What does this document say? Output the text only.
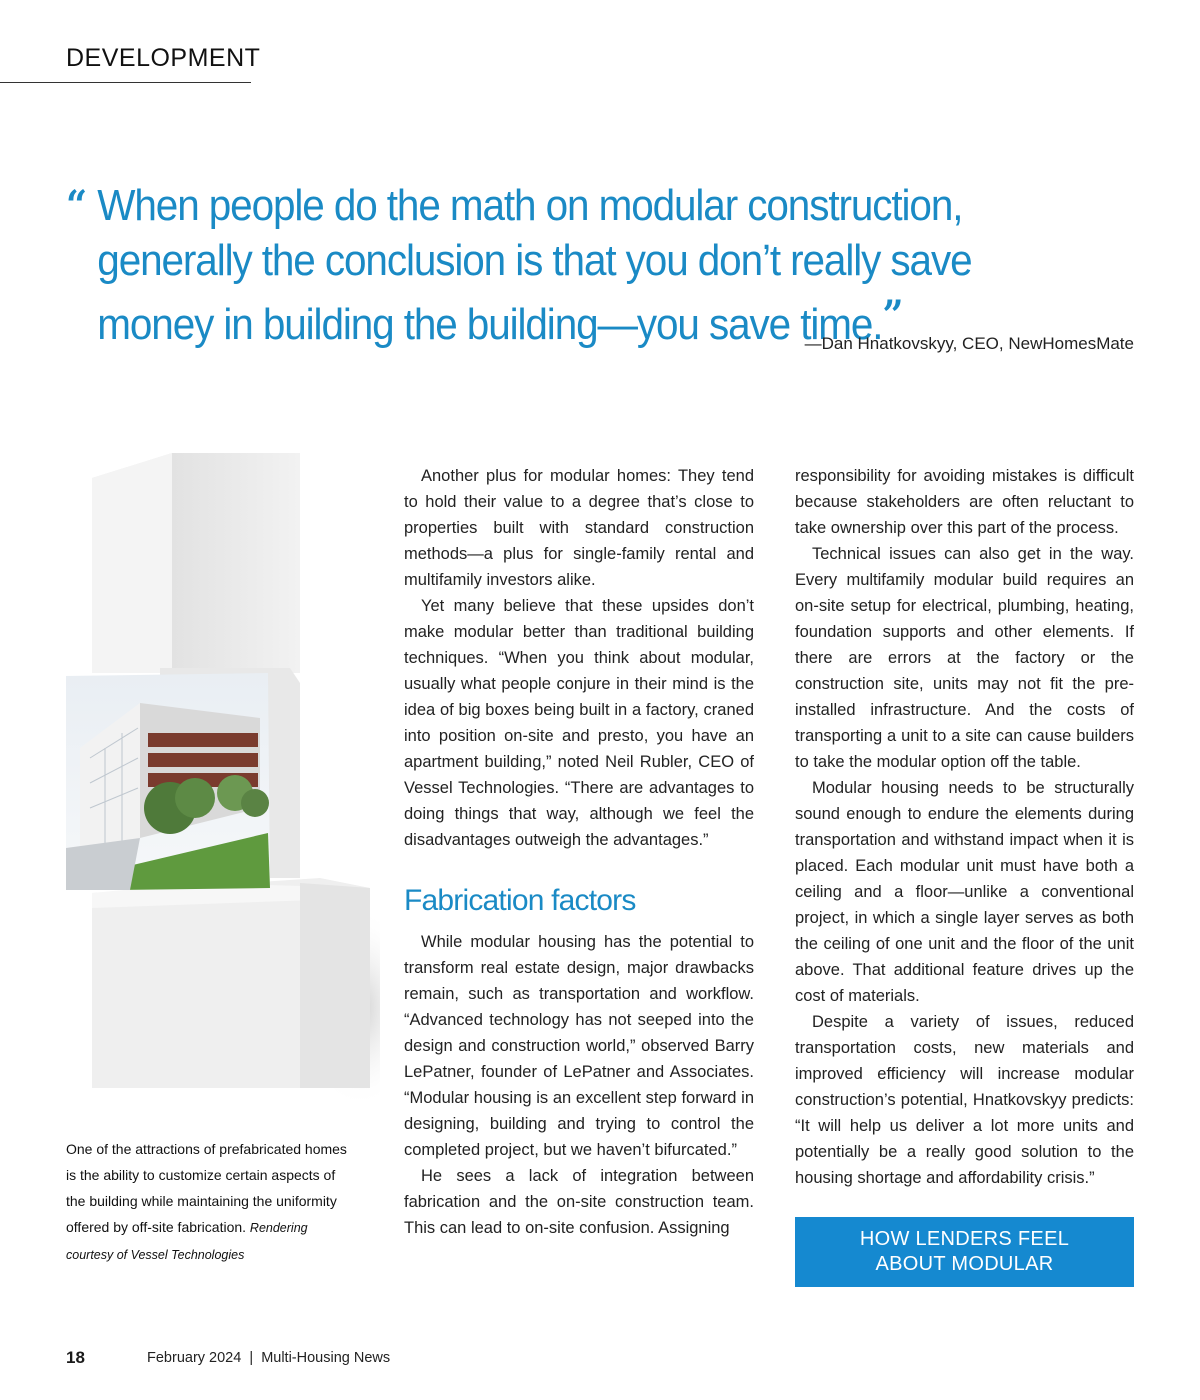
DEVELOPMENT
“ When people do the math on modular construction, generally the conclusion is that you don’t really save money in building the building—you save time.”
—Dan Hnatkovskyy, CEO, NewHomesMate

Another plus for modular homes: They tend to hold their value to a degree that’s close to properties built with standard construction methods—a plus for single-family rental and multifamily investors alike.

Yet many believe that these upsides don’t make modular better than traditional building techniques. “When you think about modular, usually what people conjure in their mind is the idea of big boxes being built in a factory, craned into position on-site and presto, you have an apartment building,” noted Neil Rubler, CEO of Vessel Technologies. “There are advantages to doing things that way, although we feel the disadvantages outweigh the advantages.”

Fabrication factors

While modular housing has the potential to transform real estate design, major drawbacks remain, such as transportation and workflow. “Advanced technology has not seeped into the design and construction world,” observed Barry LePatner, founder of LePatner and Associates. “Modular housing is an excellent step forward in designing, building and trying to control the completed project, but we haven’t bifurcated.”

He sees a lack of integration between fabrication and the on-site construction team. This can lead to on-site confusion. Assigning

responsibility for avoiding mistakes is difficult because stakeholders are often reluctant to take ownership over this part of the process.

Technical issues can also get in the way. Every multifamily modular build requires an on-site setup for electrical, plumbing, heating, foundation supports and other elements. If there are errors at the factory or the construction site, units may not fit the pre-installed infrastructure. And the costs of transporting a unit to a site can cause builders to take the modular option off the table.

Modular housing needs to be structurally sound enough to endure the elements during transportation and withstand impact when it is placed. Each modular unit must have both a ceiling and a floor—unlike a conventional project, in which a single layer serves as both the ceiling of one unit and the floor of the unit above. That additional feature drives up the cost of materials.

Despite a variety of issues, reduced transportation costs, new materials and improved efficiency will increase modular construction’s potential, Hnatkovskyy predicts: “It will help us deliver a lot more units and potentially be a really good solution to the housing shortage and affordability crisis.”

HOW LENDERS FEEL
ABOUT MODULAR
One of the attractions of prefabricated homes is the ability to customize certain aspects of the building while maintaining the uniformity offered by off-site fabrication. Rendering courtesy of Vessel Technologies
18	February 2024  |  Multi-Housing News
